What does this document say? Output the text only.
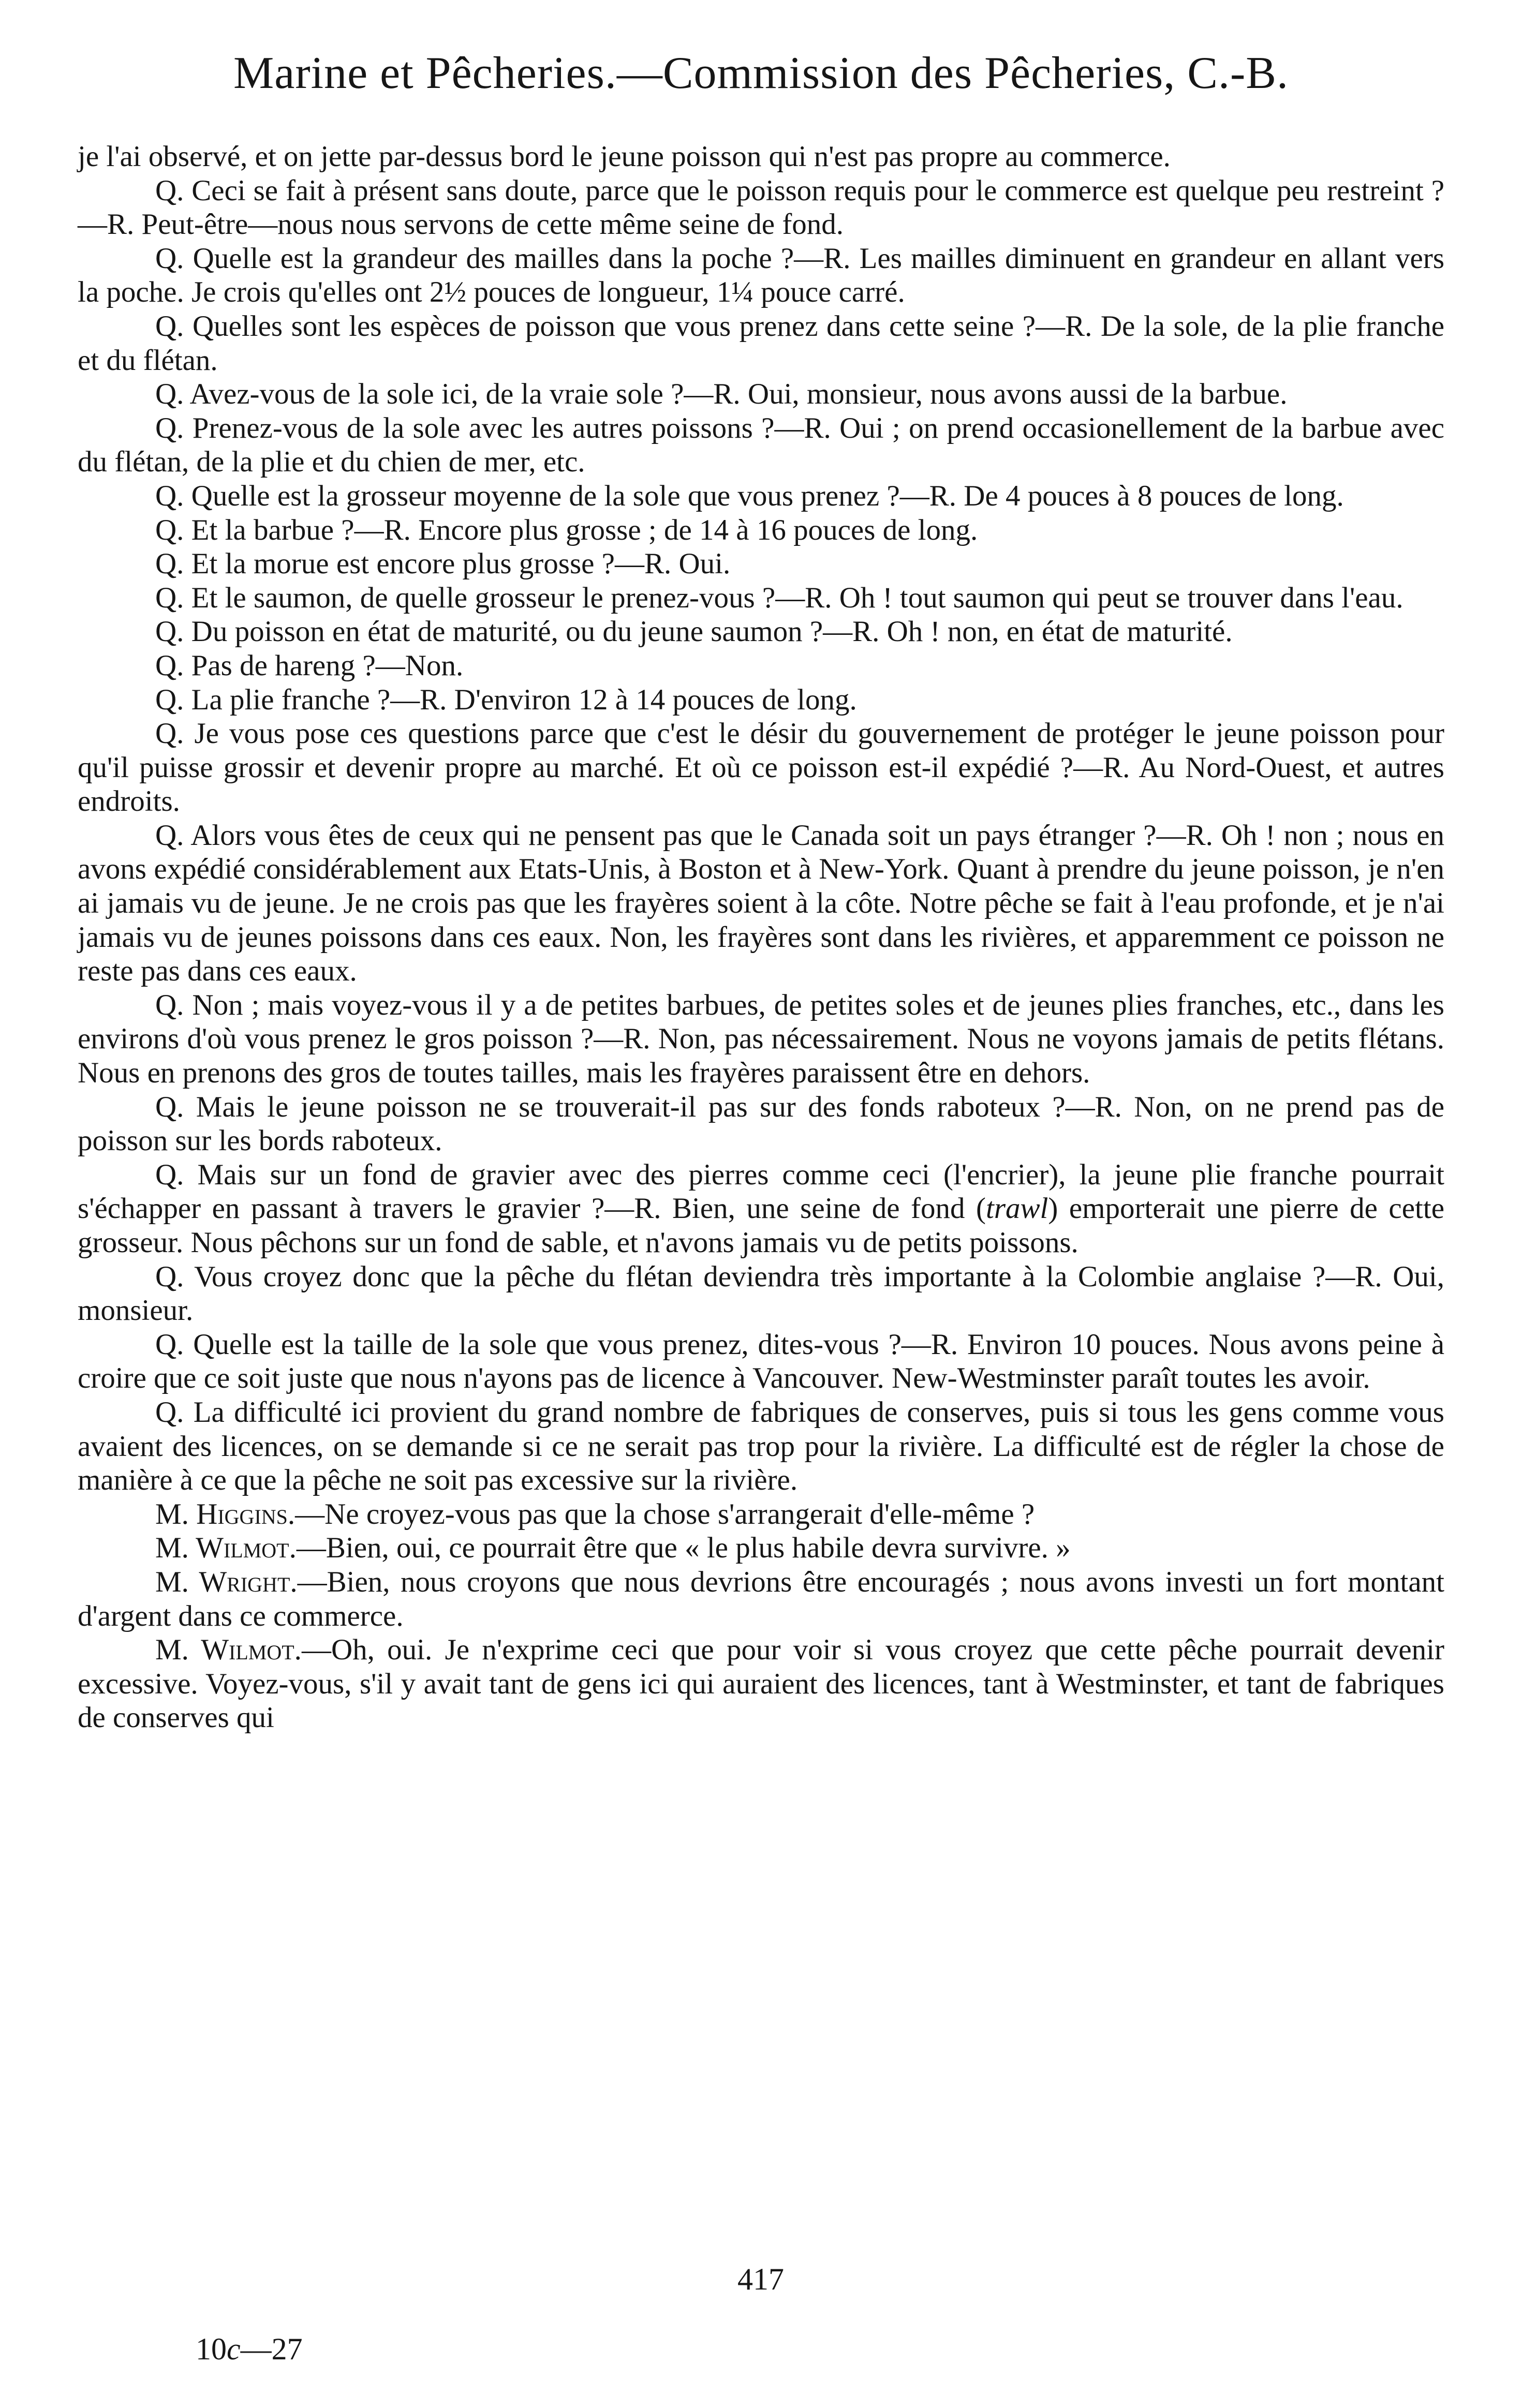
Marine et Pêcheries.—Commission des Pêcheries, C.-B.

je l'ai observé, et on jette par-dessus bord le jeune poisson qui n'est pas propre au commerce.

Q. Ceci se fait à présent sans doute, parce que le poisson requis pour le commerce est quelque peu restreint ?—R. Peut-être—nous nous servons de cette même seine de fond.

Q. Quelle est la grandeur des mailles dans la poche ?—R. Les mailles diminuent en grandeur en allant vers la poche. Je crois qu'elles ont 2½ pouces de longueur, 1¼ pouce carré.

Q. Quelles sont les espèces de poisson que vous prenez dans cette seine ?—R. De la sole, de la plie franche et du flétan.

Q. Avez-vous de la sole ici, de la vraie sole ?—R. Oui, monsieur, nous avons aussi de la barbue.

Q. Prenez-vous de la sole avec les autres poissons ?—R. Oui ; on prend occasionellement de la barbue avec du flétan, de la plie et du chien de mer, etc.

Q. Quelle est la grosseur moyenne de la sole que vous prenez ?—R. De 4 pouces à 8 pouces de long.

Q. Et la barbue ?—R. Encore plus grosse ; de 14 à 16 pouces de long.

Q. Et la morue est encore plus grosse ?—R. Oui.

Q. Et le saumon, de quelle grosseur le prenez-vous ?—R. Oh ! tout saumon qui peut se trouver dans l'eau.

Q. Du poisson en état de maturité, ou du jeune saumon ?—R. Oh ! non, en état de maturité.

Q. Pas de hareng ?—Non.

Q. La plie franche ?—R. D'environ 12 à 14 pouces de long.

Q. Je vous pose ces questions parce que c'est le désir du gouvernement de protéger le jeune poisson pour qu'il puisse grossir et devenir propre au marché. Et où ce poisson est-il expédié ?—R. Au Nord-Ouest, et autres endroits.

Q. Alors vous êtes de ceux qui ne pensent pas que le Canada soit un pays étranger ?—R. Oh ! non ; nous en avons expédié considérablement aux Etats-Unis, à Boston et à New-York. Quant à prendre du jeune poisson, je n'en ai jamais vu de jeune. Je ne crois pas que les frayères soient à la côte. Notre pêche se fait à l'eau profonde, et je n'ai jamais vu de jeunes poissons dans ces eaux. Non, les frayères sont dans les rivières, et apparemment ce poisson ne reste pas dans ces eaux.

Q. Non ; mais voyez-vous il y a de petites barbues, de petites soles et de jeunes plies franches, etc., dans les environs d'où vous prenez le gros poisson ?—R. Non, pas nécessairement. Nous ne voyons jamais de petits flétans. Nous en prenons des gros de toutes tailles, mais les frayères paraissent être en dehors.

Q. Mais le jeune poisson ne se trouverait-il pas sur des fonds raboteux ?—R. Non, on ne prend pas de poisson sur les bords raboteux.

Q. Mais sur un fond de gravier avec des pierres comme ceci (l'encrier), la jeune plie franche pourrait s'échapper en passant à travers le gravier ?—R. Bien, une seine de fond (trawl) emporterait une pierre de cette grosseur. Nous pêchons sur un fond de sable, et n'avons jamais vu de petits poissons.

Q. Vous croyez donc que la pêche du flétan deviendra très importante à la Colombie anglaise ?—R. Oui, monsieur.

Q. Quelle est la taille de la sole que vous prenez, dites-vous ?—R. Environ 10 pouces. Nous avons peine à croire que ce soit juste que nous n'ayons pas de licence à Vancouver. New-Westminster paraît toutes les avoir.

Q. La difficulté ici provient du grand nombre de fabriques de conserves, puis si tous les gens comme vous avaient des licences, on se demande si ce ne serait pas trop pour la rivière. La difficulté est de régler la chose de manière à ce que la pêche ne soit pas excessive sur la rivière.

M. Higgins.—Ne croyez-vous pas que la chose s'arrangerait d'elle-même ?

M. Wilmot.—Bien, oui, ce pourrait être que « le plus habile devra survivre. »

M. Wright.—Bien, nous croyons que nous devrions être encouragés ; nous avons investi un fort montant d'argent dans ce commerce.

M. Wilmot.—Oh, oui. Je n'exprime ceci que pour voir si vous croyez que cette pêche pourrait devenir excessive. Voyez-vous, s'il y avait tant de gens ici qui auraient des licences, tant à Westminster, et tant de fabriques de conserves qui

417
10c—27
